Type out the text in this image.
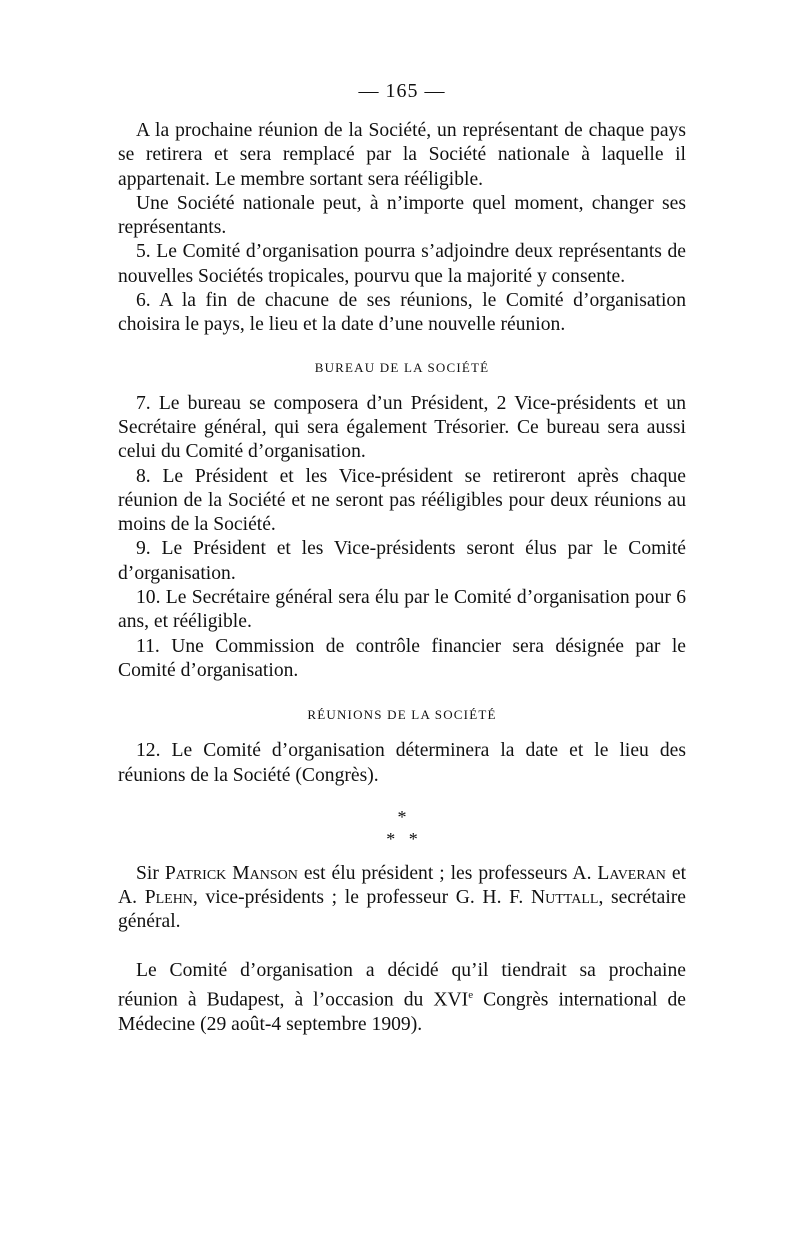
— 165 —

A la prochaine réunion de la Société, un représentant de chaque pays se retirera et sera remplacé par la Société nationale à laquelle il appartenait. Le membre sortant sera rééligible.

Une Société nationale peut, à n’importe quel moment, changer ses représentants.

5. Le Comité d’organisation pourra s’adjoindre deux représentants de nouvelles Sociétés tropicales, pourvu que la majorité y consente.

6. A la fin de chacune de ses réunions, le Comité d’organisation choisira le pays, le lieu et la date d’une nouvelle réunion.

BUREAU DE LA SOCIÉTÉ

7. Le bureau se composera d’un Président, 2 Vice-présidents et un Secrétaire général, qui sera également Trésorier. Ce bureau sera aussi celui du Comité d’organisation.

8. Le Président et les Vice-président se retireront après chaque réunion de la Société et ne seront pas rééligibles pour deux réunions au moins de la Société.

9. Le Président et les Vice-présidents seront élus par le Comité d’organisation.

10. Le Secrétaire général sera élu par le Comité d’organisation pour 6 ans, et rééligible.

11. Une Commission de contrôle financier sera désignée par le Comité d’organisation.

RÉUNIONS DE LA SOCIÉTÉ

12. Le Comité d’organisation déterminera la date et le lieu des réunions de la Société (Congrès).

*
*   *

Sir Patrick Manson est élu président ; les professeurs A. Laveran et A. Plehn, vice-présidents ; le professeur G. H. F. Nuttall, secrétaire général.

Le Comité d’organisation a décidé qu’il tiendrait sa prochaine réunion à Budapest, à l’occasion du XVIe Congrès international de Médecine (29 août-4 septembre 1909).
